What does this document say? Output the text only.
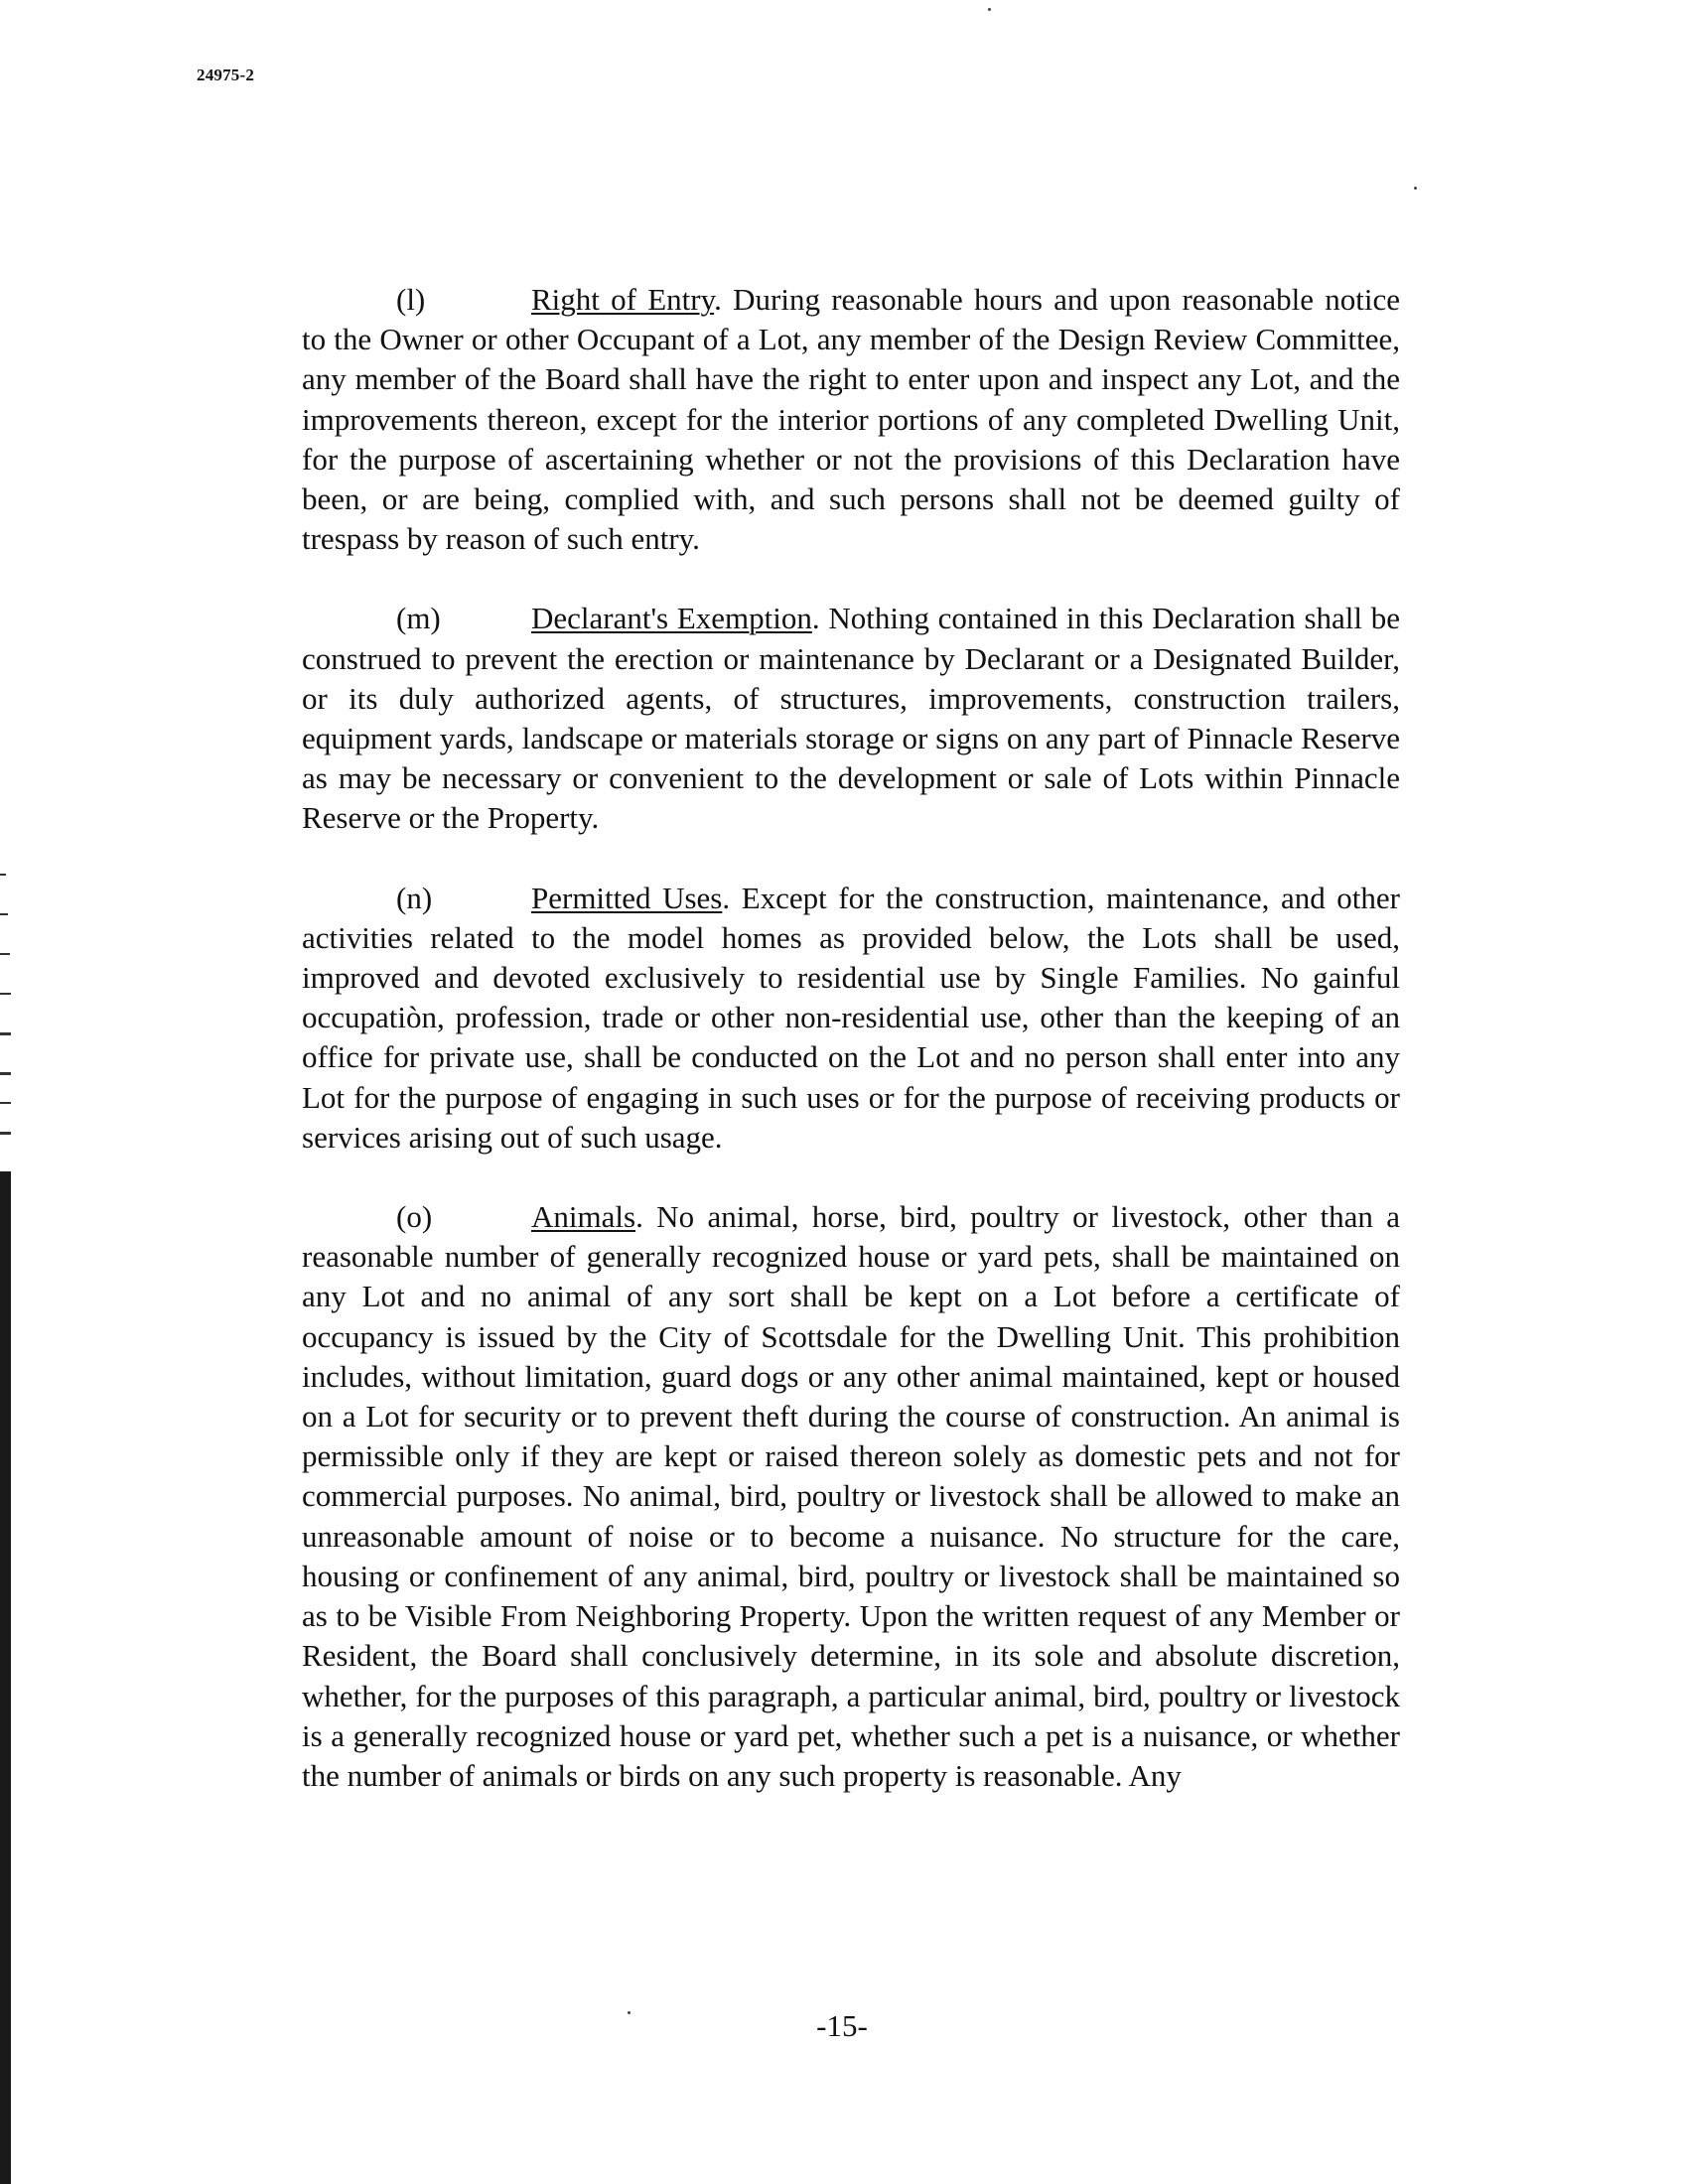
24975-2

(l)	Right of Entry. During reasonable hours and upon reasonable notice to the Owner or other Occupant of a Lot, any member of the Design Review Committee, any member of the Board shall have the right to enter upon and inspect any Lot, and the improvements thereon, except for the interior portions of any completed Dwelling Unit, for the purpose of ascertaining whether or not the provisions of this Declaration have been, or are being, complied with, and such persons shall not be deemed guilty of trespass by reason of such entry.

(m)	Declarant's Exemption. Nothing contained in this Declaration shall be construed to prevent the erection or maintenance by Declarant or a Designated Builder, or its duly authorized agents, of structures, improvements, construction trailers, equipment yards, landscape or materials storage or signs on any part of Pinnacle Reserve as may be necessary or convenient to the development or sale of Lots within Pinnacle Reserve or the Property.

(n)	Permitted Uses. Except for the construction, maintenance, and other activities related to the model homes as provided below, the Lots shall be used, improved and devoted exclusively to residential use by Single Families. No gainful occupatiòn, profession, trade or other non-residential use, other than the keeping of an office for private use, shall be conducted on the Lot and no person shall enter into any Lot for the purpose of engaging in such uses or for the purpose of receiving products or services arising out of such usage.

(o)	Animals. No animal, horse, bird, poultry or livestock, other than a reasonable number of generally recognized house or yard pets, shall be maintained on any Lot and no animal of any sort shall be kept on a Lot before a certificate of occupancy is issued by the City of Scottsdale for the Dwelling Unit. This prohibition includes, without limitation, guard dogs or any other animal maintained, kept or housed on a Lot for security or to prevent theft during the course of construction. An animal is permissible only if they are kept or raised thereon solely as domestic pets and not for commercial purposes. No animal, bird, poultry or livestock shall be allowed to make an unreasonable amount of noise or to become a nuisance. No structure for the care, housing or confinement of any animal, bird, poultry or livestock shall be maintained so as to be Visible From Neighboring Property. Upon the written request of any Member or Resident, the Board shall conclusively determine, in its sole and absolute discretion, whether, for the purposes of this paragraph, a particular animal, bird, poultry or livestock is a generally recognized house or yard pet, whether such a pet is a nuisance, or whether the number of animals or birds on any such property is reasonable. Any

-15-
